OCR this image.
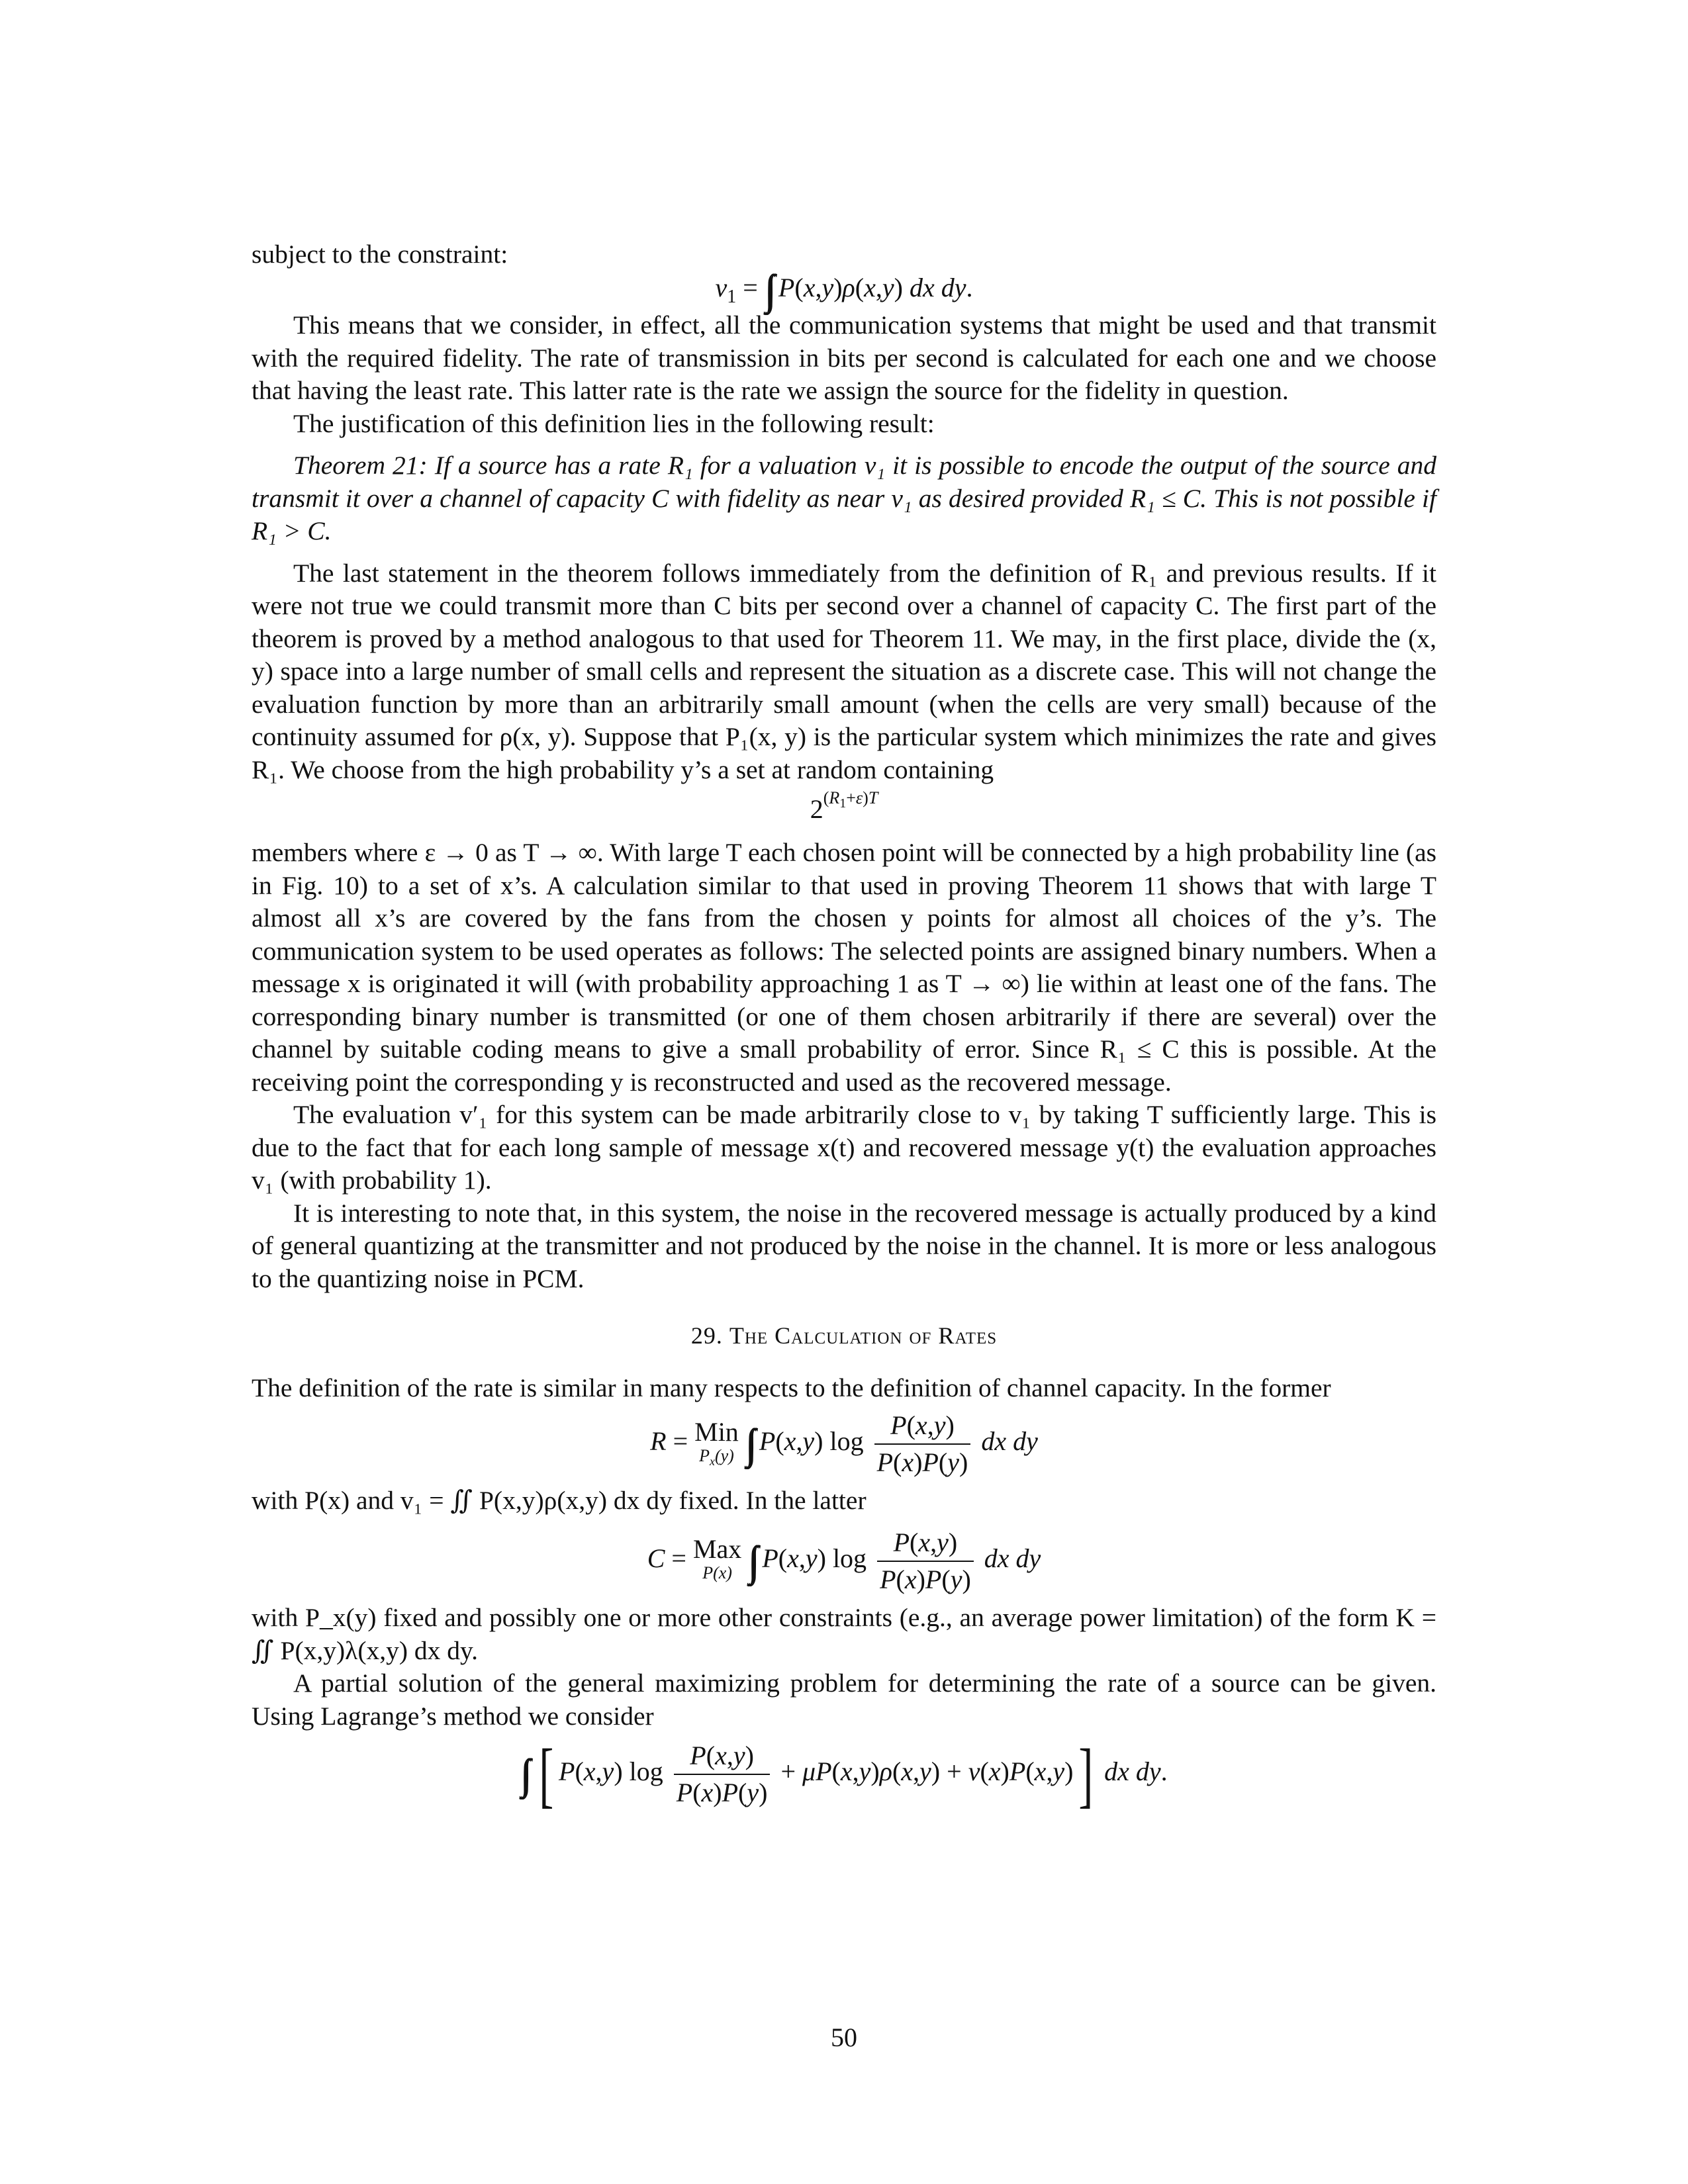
subject to the constraint:

$v_1$ = ∫∫ P(x,y)ρ(x,y) dx dy.

This means that we consider, in effect, all the communication systems that might be used and that transmit with the required fidelity. The rate of transmission in bits per second is calculated for each one and we choose that having the least rate. This latter rate is the rate we assign the source for the fidelity in question.

The justification of this definition lies in the following result:

Theorem 21: If a source has a rate R₁ for a valuation v₁ it is possible to encode the output of the source and transmit it over a channel of capacity C with fidelity as near v₁ as desired provided R₁ ≤ C. This is not possible if R₁ > C.

The last statement in the theorem follows immediately from the definition of R₁ and previous results. If it were not true we could transmit more than C bits per second over a channel of capacity C. The first part of the theorem is proved by a method analogous to that used for Theorem 11. We may, in the first place, divide the (x, y) space into a large number of small cells and represent the situation as a discrete case. This will not change the evaluation function by more than an arbitrarily small amount (when the cells are very small) because of the continuity assumed for ρ(x, y). Suppose that P₁(x, y) is the particular system which minimizes the rate and gives R₁. We choose from the high probability y’s a set at random containing

$2^{(R_1+\varepsilon)T}$

members where ε → 0 as T → ∞. With large T each chosen point will be connected by a high probability line (as in Fig. 10) to a set of x’s. A calculation similar to that used in proving Theorem 11 shows that with large T almost all x’s are covered by the fans from the chosen y points for almost all choices of the y’s. The communication system to be used operates as follows: The selected points are assigned binary numbers. When a message x is originated it will (with probability approaching 1 as T → ∞) lie within at least one of the fans. The corresponding binary number is transmitted (or one of them chosen arbitrarily if there are several) over the channel by suitable coding means to give a small probability of error. Since R₁ ≤ C this is possible. At the receiving point the corresponding y is reconstructed and used as the recovered message.

The evaluation v′₁ for this system can be made arbitrarily close to v₁ by taking T sufficiently large. This is due to the fact that for each long sample of message x(t) and recovered message y(t) the evaluation approaches v₁ (with probability 1).

It is interesting to note that, in this system, the noise in the recovered message is actually produced by a kind of general quantizing at the transmitter and not produced by the noise in the channel. It is more or less analogous to the quantizing noise in PCM.

29. The Calculation of Rates

The definition of the rate is similar in many respects to the definition of channel capacity. In the former

R = Min
$P_x(y)$ ∫∫ P(x,y) $\log \frac{P(x,y)}{P(x)P(y)}$ dx dy

with P(x) and v₁ = ∬ P(x,y)ρ(x,y) dx dy fixed. In the latter

C = Max
P(x) ∫∫ P(x,y) $\log \frac{P(x,y)}{P(x)P(y)}$ dx dy

with P_x(y) fixed and possibly one or more other constraints (e.g., an average power limitation) of the form K = ∬ P(x,y)λ(x,y) dx dy.

A partial solution of the general maximizing problem for determining the rate of a source can be given. Using Lagrange’s method we consider

∫∫ [ P(x,y) $\log \frac{P(x,y)}{P(x)P(y)} + \mu P(x,y)\rho(x,y) + \nu(x)P(x,y)$] dx dy.
50
